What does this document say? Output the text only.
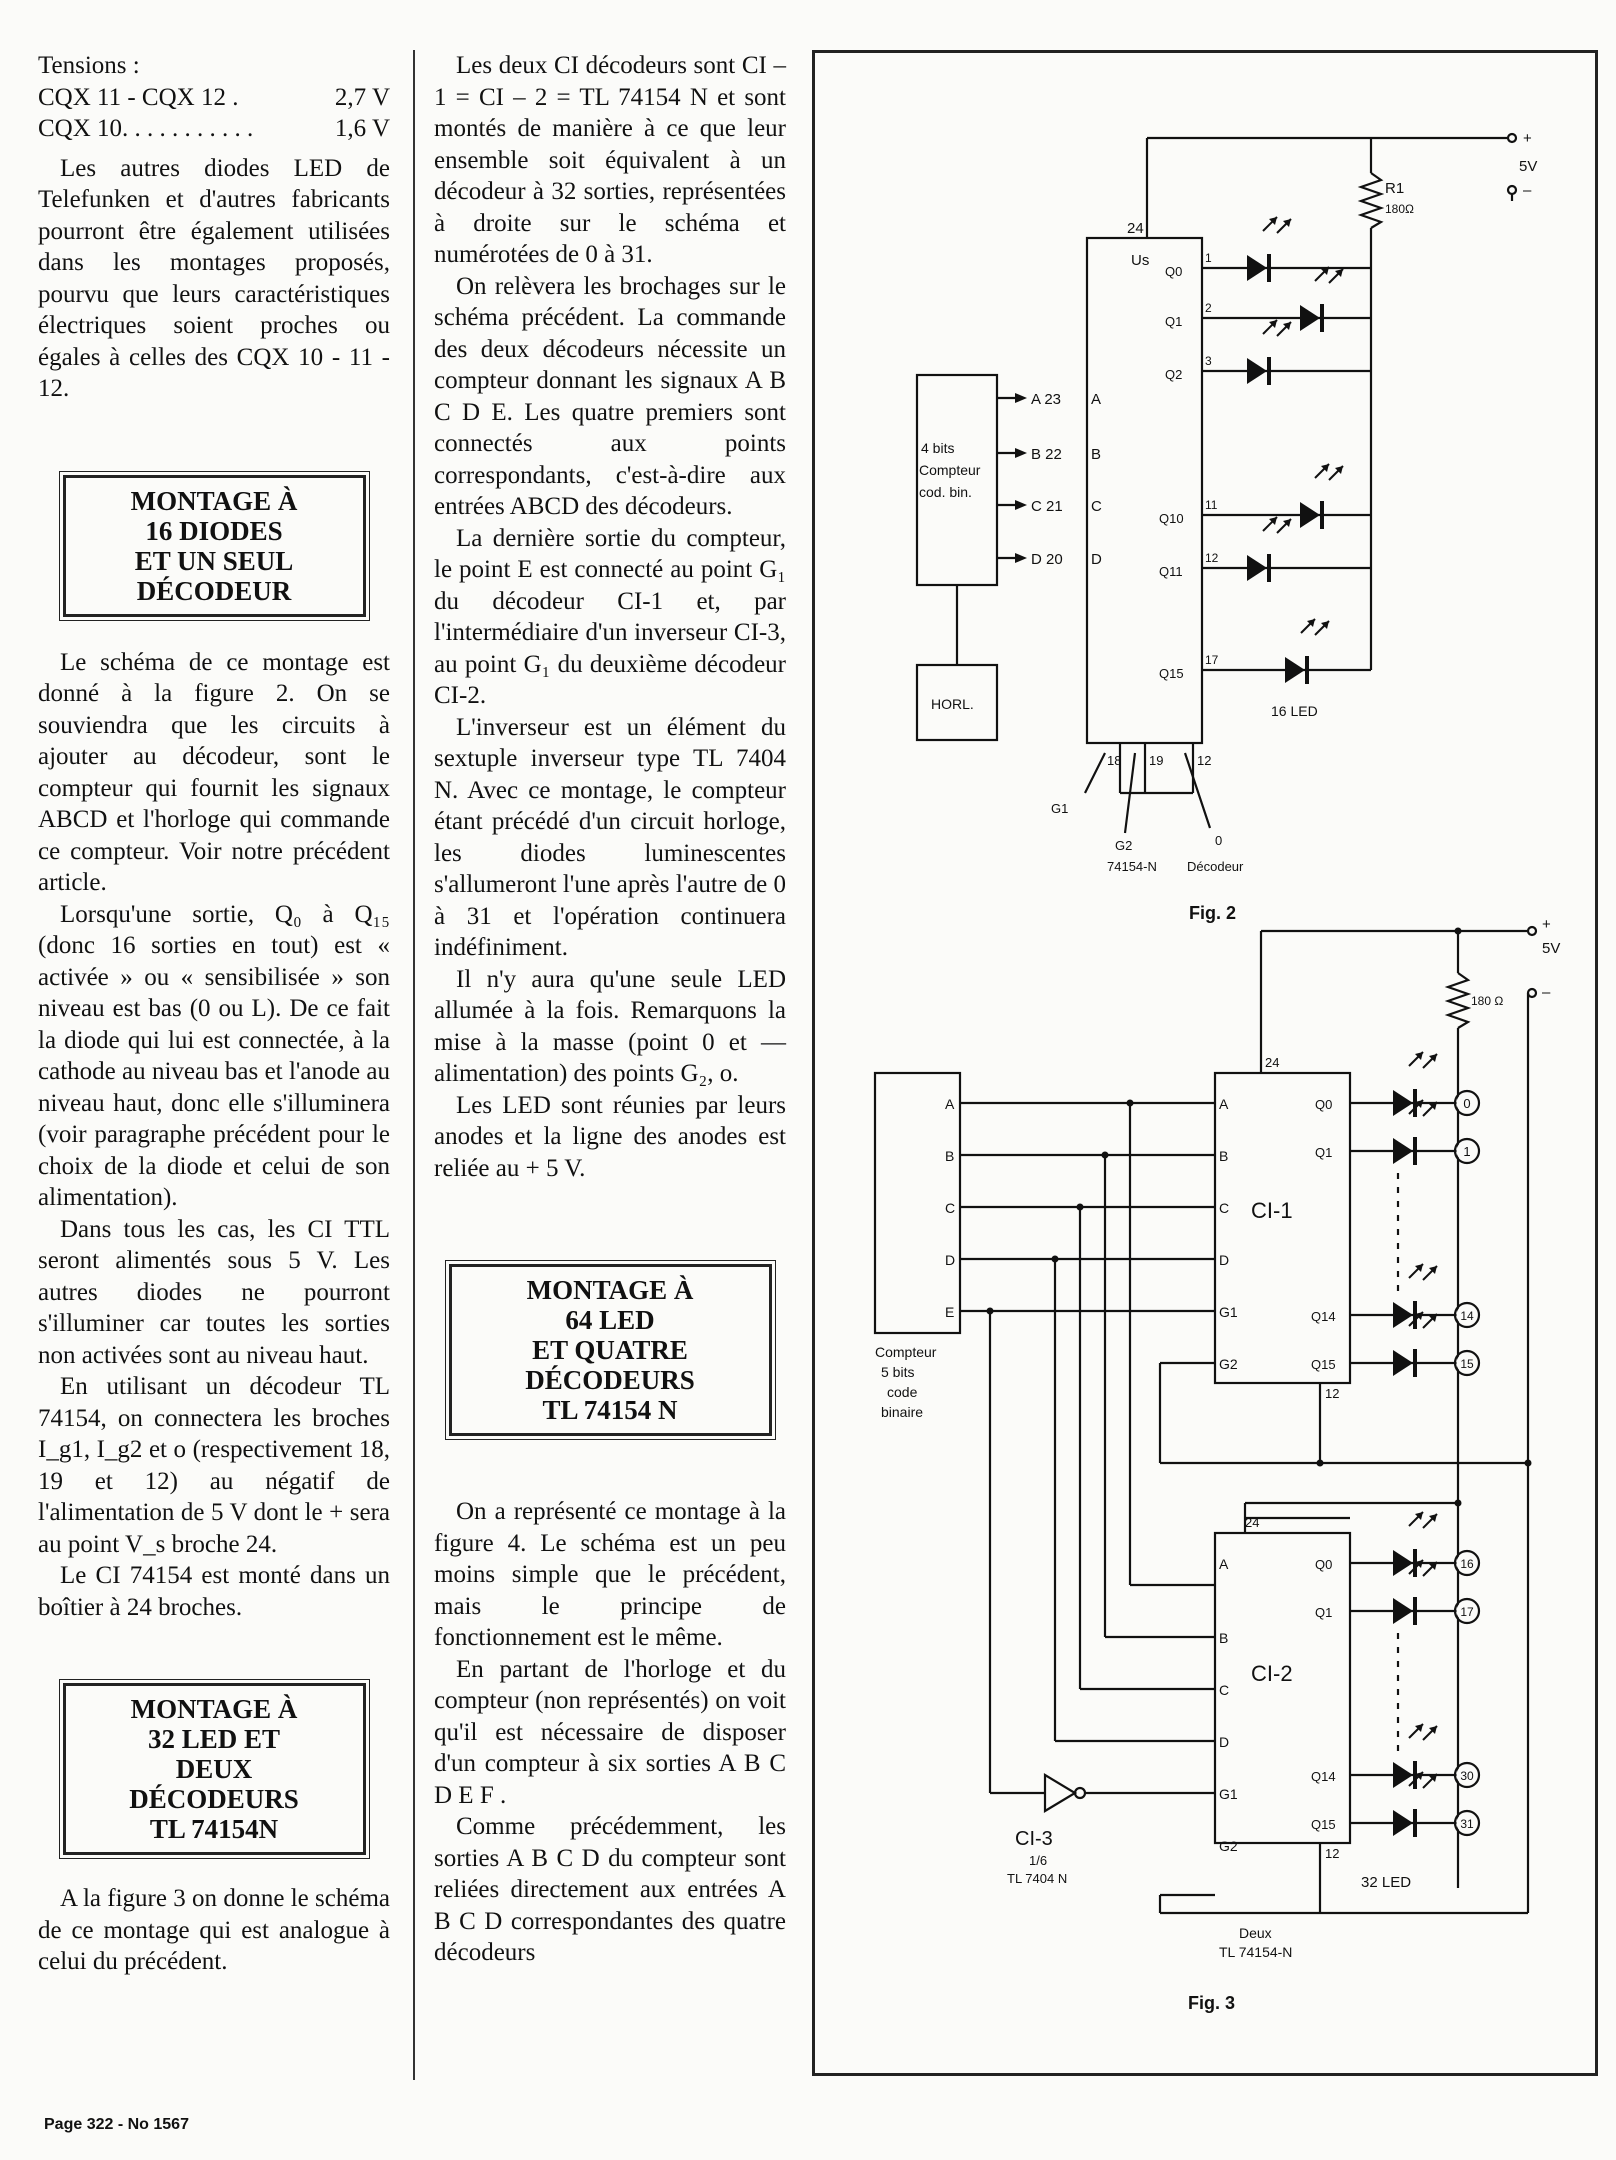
Tensions :
CQX 11 - CQX 12 .	2,7 V
CQX 10. . . . . . . . . . .	1,6 V

Les autres diodes LED de Telefunken et d'autres fabricants pourront être également utilisées dans les montages proposés, pourvu que leurs caractéristiques électriques soient proches ou égales à celles des CQX 10 - 11 - 12.

MONTAGE À
16 DIODES
ET UN SEUL
DÉCODEUR

Le schéma de ce montage est donné à la figure 2. On se souviendra que les circuits à ajouter au décodeur, sont le compteur qui fournit les signaux ABCD et l'horloge qui commande ce compteur. Voir notre précédent article.

Lorsqu'une sortie, Q₀ à Q₁₅ (donc 16 sorties en tout) est « activée » ou « sensibilisée » son niveau est bas (0 ou L). De ce fait la diode qui lui est connectée, à la cathode au niveau bas et l'anode au niveau haut, donc elle s'illuminera (voir paragraphe précédent pour le choix de la diode et celui de son alimentation).

Dans tous les cas, les CI TTL seront alimentés sous 5 V. Les autres diodes ne pourront s'illuminer car toutes les sorties non activées sont au niveau haut.

En utilisant un décodeur TL 74154, on connectera les broches I_g1, I_g2 et o (respectivement 18, 19 et 12) au négatif de l'alimentation de 5 V dont le + sera au point V_s broche 24.

Le CI 74154 est monté dans un boîtier à 24 broches.

MONTAGE À
32 LED ET
DEUX
DÉCODEURS
TL 74154N

A la figure 3 on donne le schéma de ce montage qui est analogue à celui du précédent.

Les deux CI décodeurs sont CI – 1 = CI – 2 = TL 74154 N et sont montés de manière à ce que leur ensemble soit équivalent à un décodeur à 32 sorties, représentées à droite sur le schéma et numérotées de 0 à 31.

On relèvera les brochages sur le schéma précédent. La commande des deux décodeurs nécessite un compteur donnant les signaux A B C D E. Les quatre premiers sont connectés aux points correspondants, c'est-à-dire aux entrées ABCD des décodeurs.

La dernière sortie du compteur, le point E est connecté au point G₁ du décodeur CI-1 et, par l'intermédiaire d'un inverseur CI-3, au point G₁ du deuxième décodeur CI-2.

L'inverseur est un élément du sextuple inverseur type TL 7404 N. Avec ce montage, le compteur étant précédé d'un circuit horloge, les diodes luminescentes s'allumeront l'une après l'autre de 0 à 31 et l'opération continuera indéfiniment.

Il n'y aura qu'une seule LED allumée à la fois. Remarquons la mise à la masse (point 0 et — alimentation) des points G₂, o.

Les LED sont réunies par leurs anodes et la ligne des anodes est reliée au + 5 V.

MONTAGE À
64 LED
ET QUATRE
DÉCODEURS
TL 74154 N

On a représenté ce montage à la figure 4. Le schéma est un peu moins simple que le précédent, mais le principe de fonctionnement est le même.

En partant de l'horloge et du compteur (non représentés) on voit qu'il est nécessaire de disposer d'un compteur à six sorties A B C D E F .

Comme précédemment, les sorties A B C D du compteur sont reliées directement aux entrées A B C D correspondantes des quatre décodeurs

+
5V
–
R1
180Ω
24
Us
4 bits
Compteur
cod. bin.
HORL.
A 23
B 22
C 21
D 20
A
B
C
D
Q0
Q1
Q2
Q10
Q11
Q15
1
2
3
11
12
17
18 19	12
G1
G2	0
74154-N Décodeur
16 LED
Fig. 2
+
5V
–
180 Ω
24
24
12
12
Compteur
5 bits
code
binaire
A
B
C
D
E
A
B
C
D
G1
G2
A
B
C
D
G1
G2
CI-1
CI-2
Q0
Q1
Q14
Q15
Q0
Q1
Q14
Q15
0
1
14
15
16
17
30
31
CI-3
1/6
TL 7404 N
Deux
TL 74154-N
32 LED
Fig. 3
Page 322 - No 1567
